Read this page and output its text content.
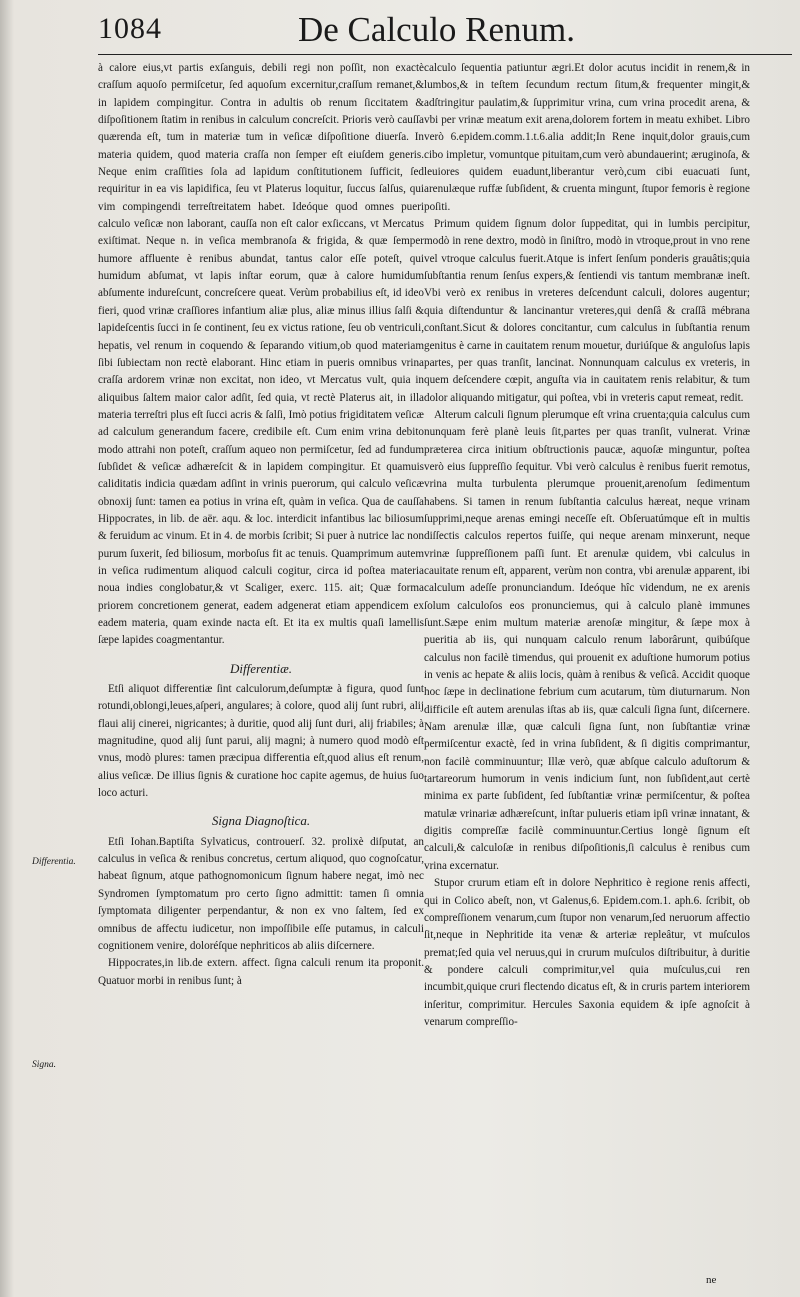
1084	De Calculo Renum.
Differentia.
Signa.

à calore eius,vt partis exſanguis, debili regi non poſſit, non exactè craſſum aquoſo permiſcetur, ſed aquoſum excernitur,craſſum remanet,& in lapidem compingitur. Contra in adultis ob renum ſiccitatem & diſpoſitionem ſtatim in renibus in calculum concreſcit. Prioris verò cauſſa quærenda eſt, tum in materiæ tum in veſicæ diſpoſitione diuerſa. In materia quidem, quod materia craſſa non ſemper eſt eiuſdem generis. Neque enim craſſities ſola ad lapidum conſtitutionem ſufficit, ſed requiritur in ea vis lapidifica, ſeu vt Platerus loquitur, ſuccus ſalſus, qui vim compingendi terreſtreitatem habet. Ideóque quod omnes pueri calculo veſicæ non laborant, cauſſa non eſt calor exſiccans, vt Mercatus exiſtimat. Neque n. in veſica membranoſa & frigida, & quæ ſemper humore affluente è renibus abundat, tantus calor eſſe poteſt, qui humidum abſumat, vt lapis inſtar eorum, quæ à calore humidum abſumente indureſcunt, concreſcere queat. Verùm probabilius eſt, id ideo fieri, quod vrinæ craſſiores infantium aliæ plus, aliæ minus illius ſalſi & lapideſcentis ſucci in ſe continent, ſeu ex victus ratione, ſeu ob ventriculi, hepatis, vel renum in coquendo & ſeparando vitium,ob quod materiam ſibi ſubiectam non rectè elaborant. Hinc etiam in pueris omnibus vrina craſſa ardorem vrinæ non excitat, non ideo, vt Mercatus vult, quia in aliquibus ſaltem maior calor adſit, ſed quia, vt rectè Platerus ait, in illa materia terreſtri plus eſt ſucci acris & ſalſi, Imò potius frigiditatem veſicæ ad calculum generandum facere, credibile eſt. Cum enim vrina debito modo attrahi non poteſt, craſſum aqueo non permiſcetur, ſed ad fundum ſubſidet & veſicæ adhæreſcit & in lapidem compingitur. Et quamuis caliditatis indicia quædam adſint in vrinis puerorum, qui calculo veſicæ obnoxij ſunt: tamen ea potius in vrina eſt, quàm in veſica. Qua de cauſſa Hippocrates, in lib. de aër. aqu. & loc. interdicit infantibus lac biliosum & feruidum ac vinum. Et in 4. de morbis ſcribit; Si puer à nutrice lac non purum ſuxerit, ſed biliosum, morboſus fit ac tenuis. Quamprimum autem in veſica rudimentum aliquod calculi cogitur, circa id poſtea materia noua indies conglobatur,& vt Scaliger, exerc. 115. ait; Quæ forma priorem concretionem generat, eadem adgenerat etiam appendicem ex eadem materia, quam exinde nacta eſt. Et ita ex multis quaſi lamellis ſæpe lapides coagmentantur.

Differentiæ.

Etſi aliquot differentiæ ſint calculorum,deſumptæ à figura, quod ſunt rotundi,oblongi,leues,aſperi, angulares; à colore, quod alij ſunt rubri, alij flaui alij cinerei, nigricantes; à duritie, quod alij ſunt duri, alij friabiles; à magnitudine, quod alij ſunt parui, alij magni; à numero quod modò eſt vnus, modò plures: tamen præcipua differentia eſt,quod alius eſt renum, alius veſicæ. De illius ſignis & curatione hoc capite agemus, de huius ſuo loco acturi.

Signa Diagnoſtica.

Etſi Iohan.Baptiſta Sylvaticus, controuerſ. 32. prolixè diſputat, an calculus in veſica & renibus concretus, certum aliquod, quo cognoſcatur, habeat ſignum, atque pathognomonicum ſignum habere negat, imò nec Syndromen ſymptomatum pro certo ſigno admittit: tamen ſi omnia ſymptomata diligenter perpendantur, & non ex vno ſaltem, ſed ex omnibus de affectu iudicetur, non impoſſibile eſſe putamus, in calculi cognitionem venire, doloréſque nephriticos ab aliis diſcernere.

Hippocrates,in lib.de extern. affect. ſigna calculi renum ita proponit. Quatuor morbi in renibus ſunt; à

calculo ſequentia patiuntur ægri.Et dolor acutus incidit in renem,& in lumbos,& in teſtem ſecundum rectum ſitum,& frequenter mingit,& adſtringitur paulatim,& ſupprimitur vrina, cum vrina procedit arena, & vbi per vrinæ meatum exit arena,dolorem fortem in meatu exhibet. Libro verò 6.epidem.comm.1.t.6.alia addit;In Rene inquit,dolor grauis,cum cibo impletur, vomuntque pituitam,cum verò abundauerint; æruginoſa, & leuiores quidem euadunt,liberantur verò,cum cibi euacuati ſunt, arenulæque ruffæ ſubſident, & cruenta mingunt, ſtupor femoris è regione poſiti.

Primum quidem ſignum dolor ſuppeditat, qui in lumbis percipitur, modò in rene dextro, modò in ſiniſtro, modò in vtroque,prout in vno rene vel vtroque calculus fuerit.Atque is infert ſenſum ponderis grauâtis;quia ſubſtantia renum ſenſus expers,& ſentiendi vis tantum membranæ ineſt. Vbi verò ex renibus in vreteres deſcendunt calculi, dolores augentur; quia diſtenduntur & lancinantur vreteres,qui denſâ & craſſâ mébrana conſtant.Sicut & dolores concitantur, cum calculus in ſubſtantia renum genitus è carne in cauitatem renum mouetur, duriúſque & anguloſus lapis partes, per quas tranſit, lancinat. Nonnunquam calculus ex vreteris, in quem deſcendere cœpit, anguſta via in cauitatem renis relabitur, & tum dolor aliquando mitigatur, qui poſtea, vbi in vreteris caput remeat, redit.

Alterum calculi ſignum plerumque eſt vrina cruenta;quia calculus cum nunquam ferè planè leuis ſit,partes per quas tranſit, vulnerat. Vrinæ præterea circa initium obſtructionis paucæ, aquoſæ minguntur, poſtea verò eius ſuppreſſio ſequitur. Vbi verò calculus è renibus fuerit remotus, vrina multa turbulenta plerumque prouenit,arenoſum ſedimentum habens. Si tamen in renum ſubſtantia calculus hæreat, neque vrinam ſupprimi,neque arenas emingi neceſſe eſt. Obſeruatúmque eſt in multis diſſectis calculos repertos fuiſſe, qui neque arenam minxerunt, neque vrinæ ſuppreſſionem paſſi ſunt. Et arenulæ quidem, vbi calculus in cauitate renum eſt, apparent, verùm non contra, vbi arenulæ apparent, ibi calculum adeſſe pronunciandum. Ideóque hîc videndum, ne ex arenis ſolum calculoſos eos pronunciemus, qui à calculo planè immunes ſunt.Sæpe enim multum materiæ arenoſæ mingitur, & ſæpe mox à pueritia ab iis, qui nunquam calculo renum laborârunt, quibúſque calculus non facilè timendus, qui prouenit ex aduſtione humorum potius in venis ac hepate & aliis locis, quàm à renibus & veſicâ. Accidit quoque hoc ſæpe in declinatione febrium cum acutarum, tùm diuturnarum. Non difficile eſt autem arenulas iſtas ab iis, quæ calculi ſigna ſunt, diſcernere. Nam arenulæ illæ, quæ calculi ſigna ſunt, non ſubſtantiæ vrinæ permiſcentur exactè, ſed in vrina ſubſident, & ſi digitis comprimantur, non facilè comminuuntur; Illæ verò, quæ abſque calculo aduſtorum & tartareorum humorum in venis indicium ſunt, non ſubſident,aut certè minima ex parte ſubſident, ſed ſubſtantiæ vrinæ permiſcentur, & poſtea matulæ vrinariæ adhæreſcunt, inſtar pulueris etiam ipſi vrinæ innatant, & digitis compreſſæ facilè comminuuntur.Certius longè ſignum eſt calculi,& calculoſæ in renibus diſpoſitionis,ſi calculus è renibus cum vrina excernatur.

Stupor crurum etiam eſt in dolore Nephritico è regione renis affecti, qui in Colico abeſt, non, vt Galenus,6. Epidem.com.1. aph.6. ſcribit, ob compreſſionem venarum,cum ſtupor non venarum,ſed neruorum affectio ſit,neque in Nephritide ita venæ & arteriæ repleâtur, vt muſculos premat;ſed quia vel neruus,qui in crurum muſculos diſtribuitur, à duritie & pondere calculi comprimitur,vel quia muſculus,cui ren incumbit,quique cruri flectendo dicatus eſt, & in cruris partem interiorem inſeritur, comprimitur. Hercules Saxonia equidem & ipſe agnoſcit à venarum compreſſio-

ne
